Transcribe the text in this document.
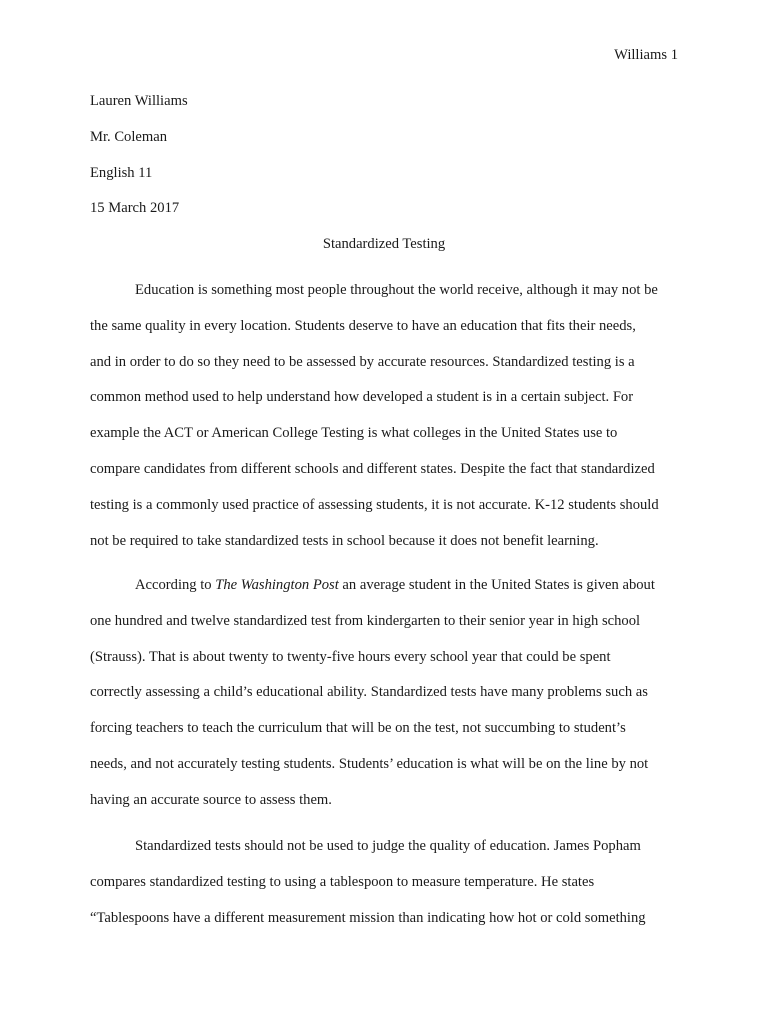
Williams 1
Lauren Williams
Mr. Coleman
English 11
15 March 2017
Standardized Testing
Education is something most people throughout the world receive, although it may not be
the same quality in every location. Students deserve to have an education that fits their needs,
and in order to do so they need to be assessed by accurate resources. Standardized testing is a
common method used to help understand how developed a student is in a certain subject. For
example the ACT or American College Testing is what colleges in the United States use to
compare candidates from different schools and different states. Despite the fact that standardized
testing is a commonly used practice of assessing students, it is not accurate. K-12 students should
not be required to take standardized tests in school because it does not benefit learning.
According to The Washington Post an average student in the United States is given about
one hundred and twelve standardized test from kindergarten to their senior year in high school
(Strauss). That is about twenty to twenty-five hours every school year that could be spent
correctly assessing a child’s educational ability. Standardized tests have many problems such as
forcing teachers to teach the curriculum that will be on the test, not succumbing to student’s
needs, and not accurately testing students. Students’ education is what will be on the line by not
having an accurate source to assess them.
Standardized tests should not be used to judge the quality of education. James Popham
compares standardized testing to using a tablespoon to measure temperature. He states
“Tablespoons have a different measurement mission than indicating how hot or cold something
